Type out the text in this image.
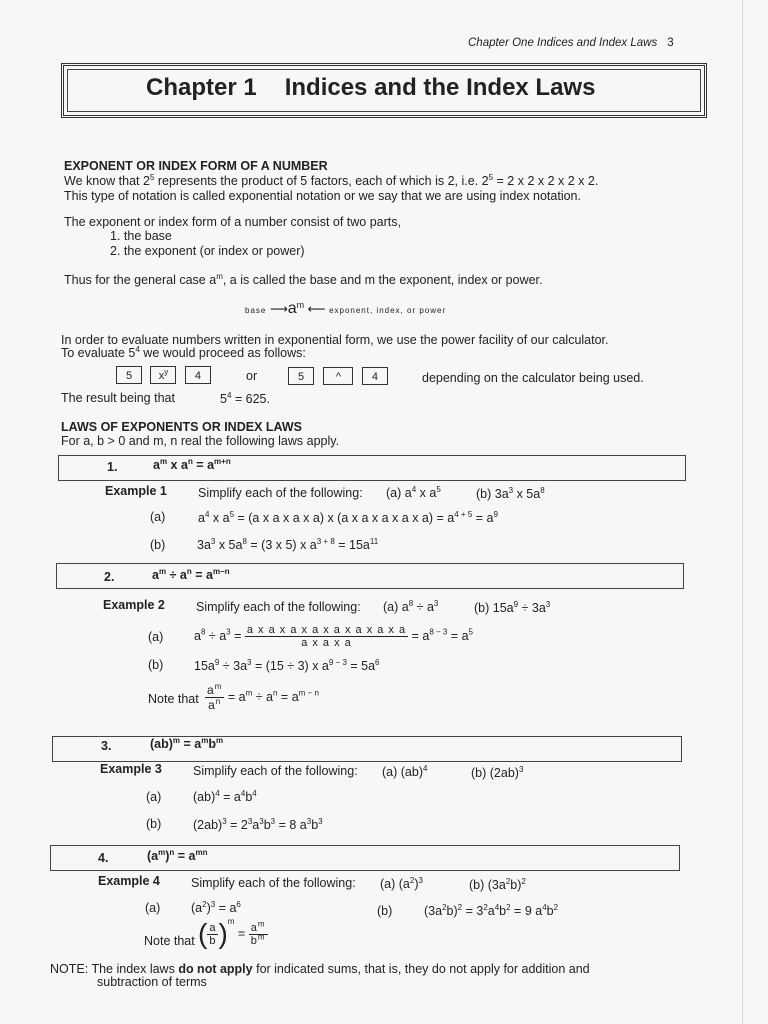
Chapter One Indices and Index Laws 3
Chapter 1 Indices and the Index Laws
EXPONENT OR INDEX FORM OF A NUMBER
We know that $2^5$ represents the product of 5 factors, each of which is 2, i.e. $2^5 = 2$ x 2 x 2 x 2 x 2.
This type of notation is called exponential notation or we say that we are using index notation.
The exponent or index form of a number consist of two parts,
1. the base
2. the exponent (or index or power)
Thus for the general case $a^m$, a is called the base and m the exponent, index or power.
base $⟶a^m$ ⟵ exponent, index, or power
In order to evaluate numbers written in exponential form, we use the power facility of our calculator.
To evaluate $5^4$ we would proceed as follows:
5 $x^y$ 4	or	5	^	4	depending on the calculator being used.
The result being that	$5^4 = 625$.
LAWS OF EXPONENTS OR INDEX LAWS
For a, b > 0 and m, n real the following laws apply.
1.	$a^m$ x $a^n = a^{m+n}$
Example 1 Simplify each of the following: (a) $a^4$ x $a^5$	(b) $3a^3$ x $5a^8$
(a)	$a^4$ x $a^5 = (a$ x a x a x a) x (a x a x a x a x $a) = a^{4 + 5} = a^9$
(b)	$3a^3$ x $5a^8 = (3$ x 5) x $a^{3 + 8} = 15a^{11}$
2.	$a^m \div a^n = a^{m-n}$
Example 2 Simplify each of the following: (a) $a^8 \div a^3$	(b) $15a^9 \div 3a^3$
(a) $a^8 \div a^3 = \frac{\text{a x a x a x a x a x a x a x a}}{\text{a x a x a}} = a^{8 - 3} = a^5$
(b) $15a^9 \div 3a^3 = (15 \div 3)$ x $a^{9 - 3} = 5a^6$
Note that $\frac{a^m}{a^n} = a^m \div a^n = a^{m - n}$
3.	$(ab)^m = a^mb^m$
Example 3 Simplify each of the following: (a) (ab)$^4$	(b) $(2ab)^3$
(a)	$(ab)^4 = a^4b^4$
(b)	$(2ab)^3 = 2^3a^3b^3 = 8$ $a^3b^3$
4.	$(a^m)^n = a^{mn}$
Example 4 Simplify each of the following: (a) $(a^2)^3$	(b) $(3a^2b)^2$
(a) $(a^2)^3 = a^6$	(b)	$(3a^2b)^2 = 3^2a^4b^2 = 9$ $a^4b^2$
Note that ( $\frac{a}{b} )^m = \frac{a^m}{b^m}$
NOTE: The index laws do not apply for indicated sums, that is, they do not apply for addition and
subtraction of terms
